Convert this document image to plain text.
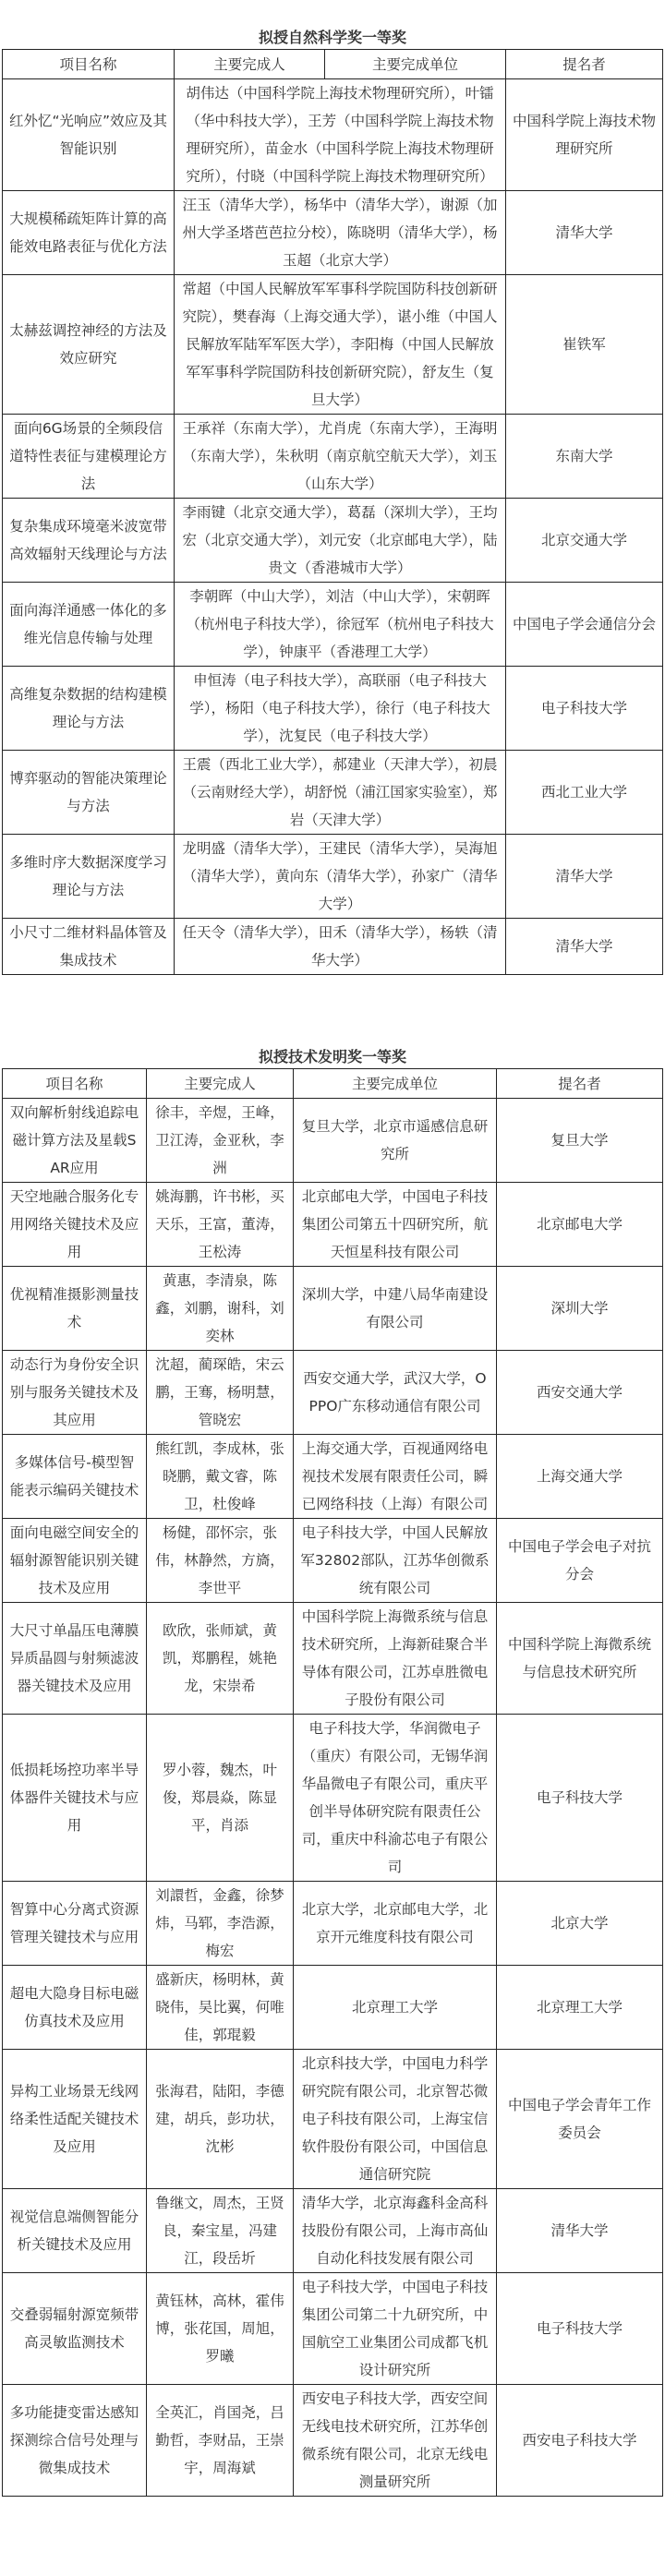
拟授自然科学奖一等奖
项目名称	主要完成人	主要完成单位	提名者
红外忆“光响应”效应及其智能识别	胡伟达（中国科学院上海技术物理研究所），叶镭（华中科技大学），王芳（中国科学院上海技术物理研究所），苗金水（中国科学院上海技术物理研究所），付晓（中国科学院上海技术物理研究所）		中国科学院上海技术物理研究所
大规模稀疏矩阵计算的高能效电路表征与优化方法	汪玉（清华大学），杨华中（清华大学），谢源（加州大学圣塔芭芭拉分校），陈晓明（清华大学），杨玉超（北京大学）		清华大学
太赫兹调控神经的方法及效应研究	常超（中国人民解放军军事科学院国防科技创新研究院），樊春海（上海交通大学），谌小维（中国人民解放军陆军军医大学），李阳梅（中国人民解放军军事科学院国防科技创新研究院），舒友生（复旦大学）		崔铁军
面向6G场景的全频段信道特性表征与建模理论方法	王承祥（东南大学），尤肖虎（东南大学），王海明（东南大学），朱秋明（南京航空航天大学），刘玉（山东大学）		东南大学
复杂集成环境毫米波宽带高效辐射天线理论与方法	李雨键（北京交通大学），葛磊（深圳大学），王均宏（北京交通大学），刘元安（北京邮电大学），陆贵文（香港城市大学）		北京交通大学
面向海洋通感一体化的多维光信息传输与处理	李朝晖（中山大学），刘洁（中山大学），宋朝晖（杭州电子科技大学），徐冠军（杭州电子科技大学），钟康平（香港理工大学）		中国电子学会通信分会
高维复杂数据的结构建模理论与方法	申恒涛（电子科技大学），高联丽（电子科技大学），杨阳（电子科技大学），徐行（电子科技大学），沈复民（电子科技大学）		电子科技大学
博弈驱动的智能决策理论与方法	王震（西北工业大学），郝建业（天津大学），初晨（云南财经大学），胡舒悦（浦江国家实验室），郑岩（天津大学）		西北工业大学
多维时序大数据深度学习理论与方法	龙明盛（清华大学），王建民（清华大学），吴海旭（清华大学），黄向东（清华大学），孙家广（清华大学）		清华大学
小尺寸二维材料晶体管及集成技术	任天令（清华大学），田禾（清华大学），杨轶（清华大学）		清华大学
拟授技术发明奖一等奖
项目名称	主要完成人	主要完成单位	提名者
双向解析射线追踪电磁计算方法及星载SAR应用	徐丰，辛煜，王峰，卫江涛，金亚秋，李洲	复旦大学，北京市遥感信息研究所	复旦大学
天空地融合服务化专用网络关键技术及应用	姚海鹏，许书彬，买天乐，王富，董涛，王松涛	北京邮电大学，中国电子科技集团公司第五十四研究所，航天恒星科技有限公司	北京邮电大学
优视精准摄影测量技术	黄惠，李清泉，陈鑫，刘鹏，谢科，刘奕林	深圳大学，中建八局华南建设有限公司	深圳大学
动态行为身份安全识别与服务关键技术及其应用	沈超，蔺琛皓，宋云鹏，王骞，杨明慧，管晓宏	西安交通大学，武汉大学，OPPO广东移动通信有限公司	西安交通大学
多媒体信号-模型智能表示编码关键技术	熊红凯，李成林，张晓鹏，戴文睿，陈卫，杜俊峰	上海交通大学，百视通网络电视技术发展有限责任公司，瞬已网络科技（上海）有限公司	上海交通大学
面向电磁空间安全的辐射源智能识别关键技术及应用	杨健，邵怀宗，张伟，林静然，方旖，李世平	电子科技大学，中国人民解放军32802部队，江苏华创微系统有限公司	中国电子学会电子对抗分会
大尺寸单晶压电薄膜异质晶圆与射频滤波器关键技术及应用	欧欣，张师斌，黄凯，郑鹏程，姚艳龙，宋崇希	中国科学院上海微系统与信息技术研究所，上海新硅聚合半导体有限公司，江苏卓胜微电子股份有限公司	中国科学院上海微系统与信息技术研究所
低损耗场控功率半导体器件关键技术与应用	罗小蓉，魏杰，叶俊，郑晨焱，陈显平，肖添	电子科技大学，华润微电子（重庆）有限公司，无锡华润华晶微电子有限公司，重庆平创半导体研究院有限责任公司，重庆中科渝芯电子有限公司	电子科技大学
智算中心分离式资源管理关键技术与应用	刘譞哲，金鑫，徐梦炜，马郓，李浩源，梅宏	北京大学，北京邮电大学，北京开元维度科技有限公司	北京大学
超电大隐身目标电磁仿真技术及应用	盛新庆，杨明林，黄晓伟，吴比翼，何唯佳，郭琨毅	北京理工大学	北京理工大学
异构工业场景无线网络柔性适配关键技术及应用	张海君，陆阳，李德建，胡兵，彭功状，沈彬	北京科技大学，中国电力科学研究院有限公司，北京智芯微电子科技有限公司，上海宝信软件股份有限公司，中国信息通信研究院	中国电子学会青年工作委员会
视觉信息端侧智能分析关键技术及应用	鲁继文，周杰，王贤良，秦宝星，冯建江，段岳圻	清华大学，北京海鑫科金高科技股份有限公司，上海市高仙自动化科技发展有限公司	清华大学
交叠弱辐射源宽频带高灵敏监测技术	黄钰林，高林，霍伟博，张花国，周旭，罗曦	电子科技大学，中国电子科技集团公司第二十九研究所，中国航空工业集团公司成都飞机设计研究所	电子科技大学
多功能捷变雷达感知探测综合信号处理与微集成技术	全英汇，肖国尧，吕勤哲，李财品，王崇宇，周海斌	西安电子科技大学，西安空间无线电技术研究所，江苏华创微系统有限公司，北京无线电测量研究所	西安电子科技大学
